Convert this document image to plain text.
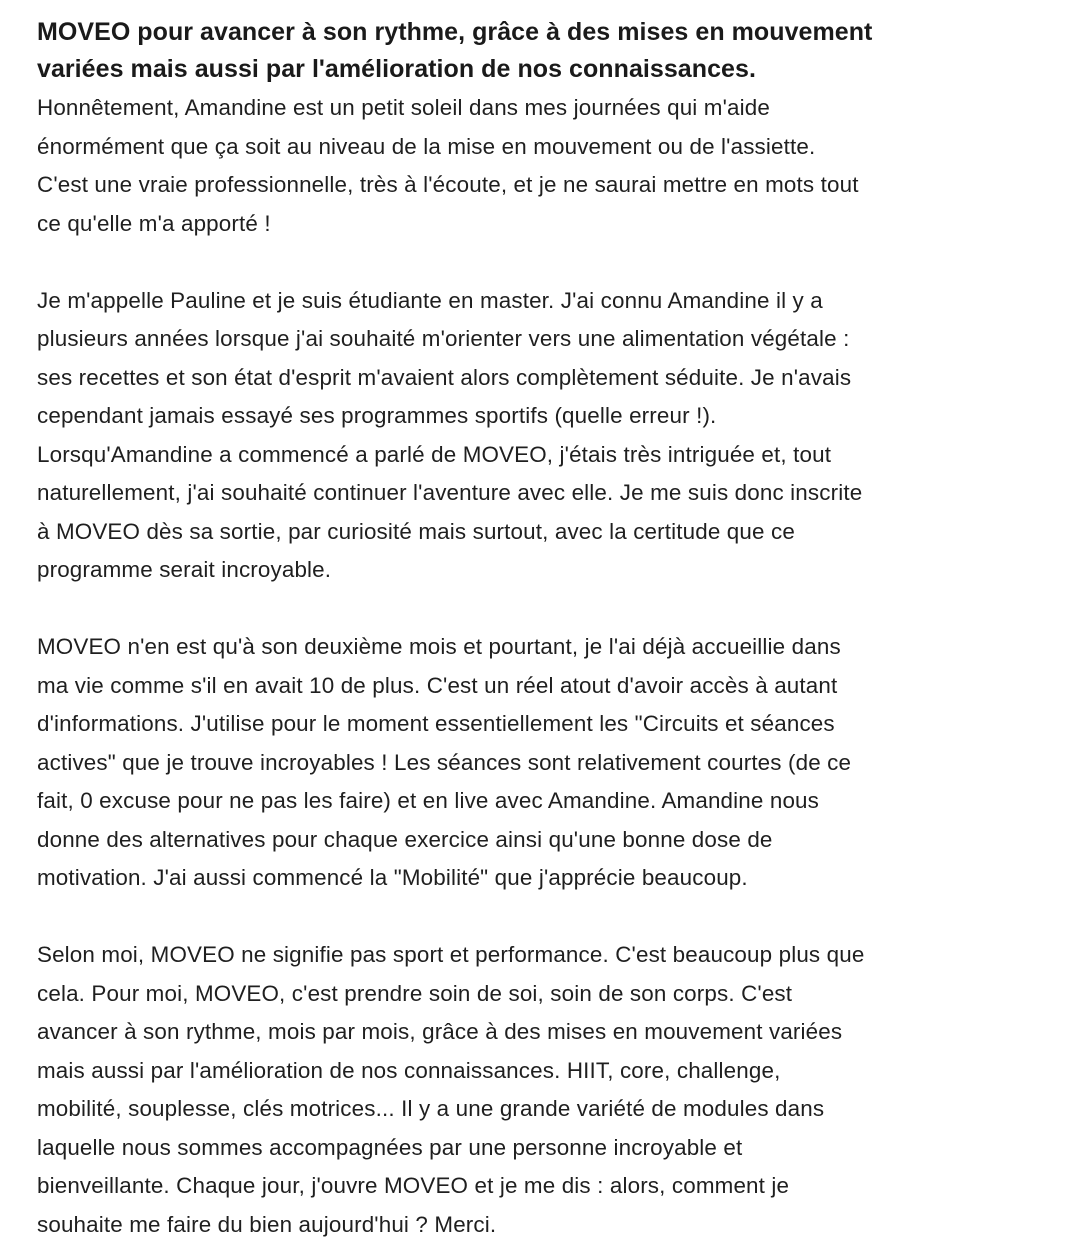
MOVEO pour avancer à son rythme, grâce à des mises en mouvement
variées mais aussi par l'amélioration de nos connaissances.

Honnêtement, Amandine est un petit soleil dans mes journées qui m'aide
énormément que ça soit au niveau de la mise en mouvement ou de l'assiette.
C'est une vraie professionnelle, très à l'écoute, et je ne saurai mettre en mots tout
ce qu'elle m'a apporté !

Je m'appelle Pauline et je suis étudiante en master. J'ai connu Amandine il y a
plusieurs années lorsque j'ai souhaité m'orienter vers une alimentation végétale :
ses recettes et son état d'esprit m'avaient alors complètement séduite. Je n'avais
cependant jamais essayé ses programmes sportifs (quelle erreur !).
Lorsqu'Amandine a commencé a parlé de MOVEO, j'étais très intriguée et, tout
naturellement, j'ai souhaité continuer l'aventure avec elle. Je me suis donc inscrite
à MOVEO dès sa sortie, par curiosité mais surtout, avec la certitude que ce
programme serait incroyable.

MOVEO n'en est qu'à son deuxième mois et pourtant, je l'ai déjà accueillie dans
ma vie comme s'il en avait 10 de plus. C'est un réel atout d'avoir accès à autant
d'informations. J'utilise pour le moment essentiellement les "Circuits et séances
actives" que je trouve incroyables ! Les séances sont relativement courtes (de ce
fait, 0 excuse pour ne pas les faire) et en live avec Amandine. Amandine nous
donne des alternatives pour chaque exercice ainsi qu'une bonne dose de
motivation. J'ai aussi commencé la "Mobilité" que j'apprécie beaucoup.

Selon moi, MOVEO ne signifie pas sport et performance. C'est beaucoup plus que
cela. Pour moi, MOVEO, c'est prendre soin de soi, soin de son corps. C'est
avancer à son rythme, mois par mois, grâce à des mises en mouvement variées
mais aussi par l'amélioration de nos connaissances. HIIT, core, challenge,
mobilité, souplesse, clés motrices... Il y a une grande variété de modules dans
laquelle nous sommes accompagnées par une personne incroyable et
bienveillante. Chaque jour, j'ouvre MOVEO et je me dis : alors, comment je
souhaite me faire du bien aujourd'hui ? Merci.
